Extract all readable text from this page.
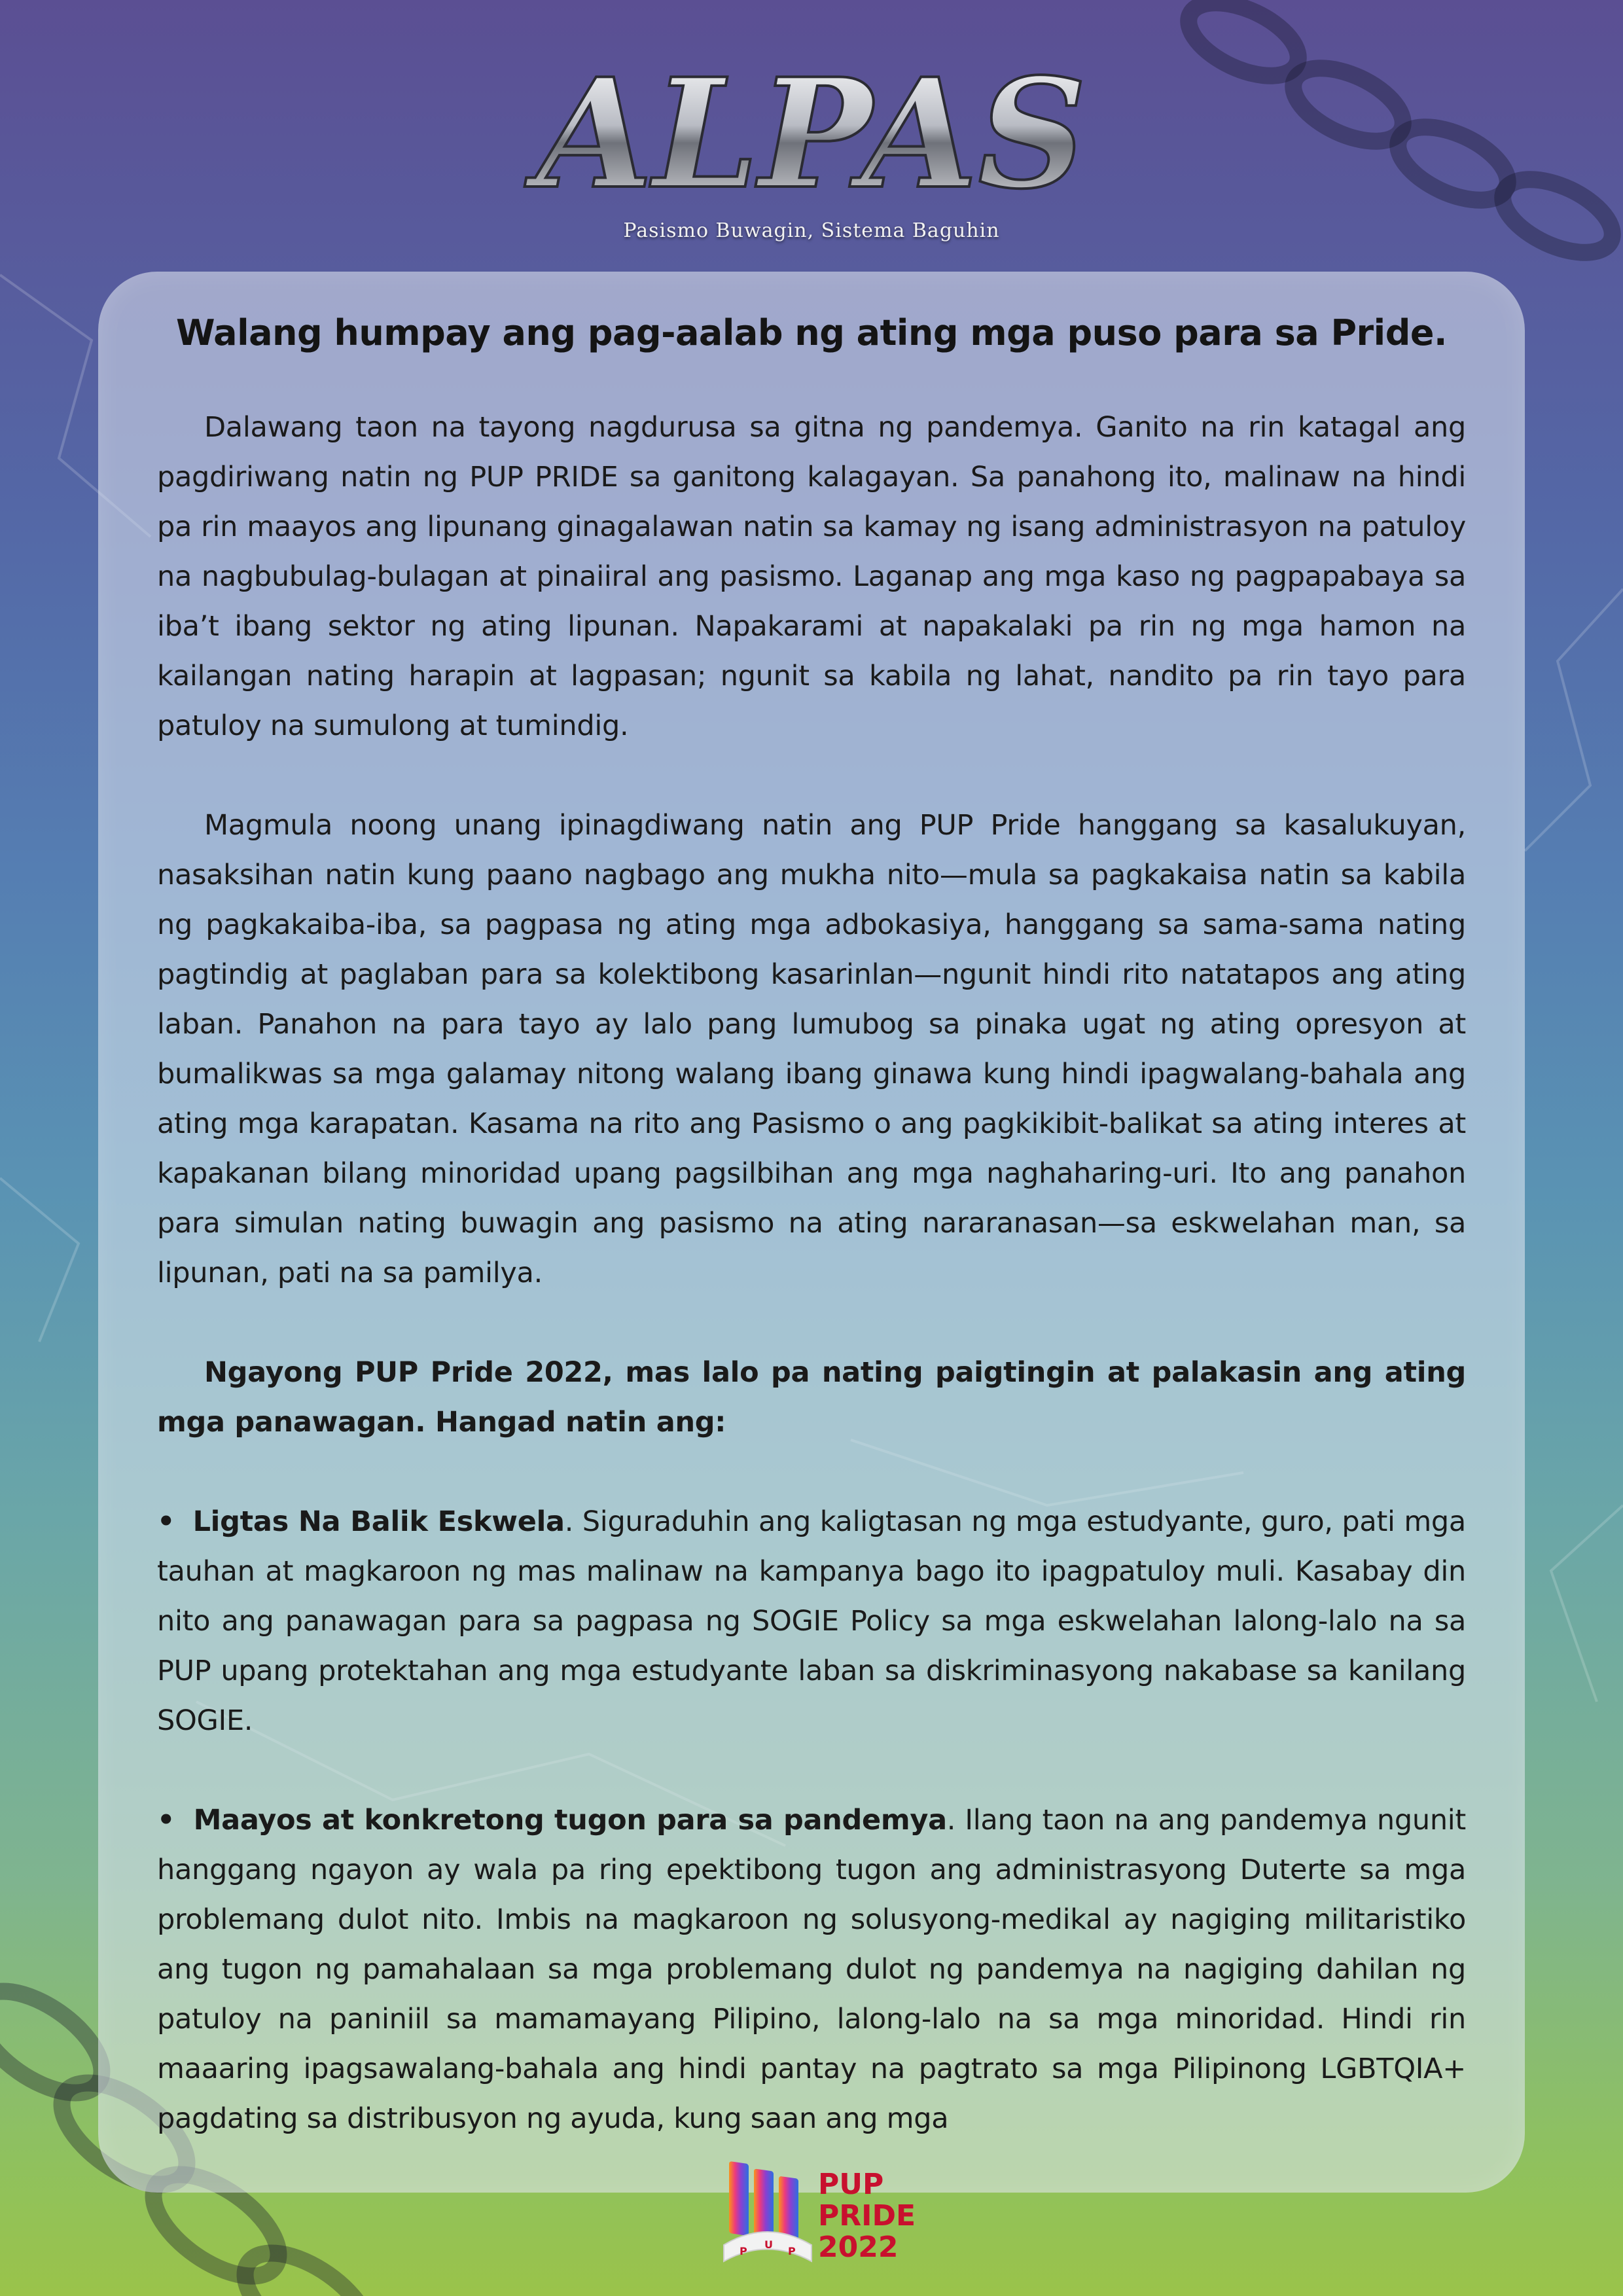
ALPAS
Pasismo Buwagin, Sistema Baguhin
Walang humpay ang pag-aalab ng ating mga puso para sa Pride.

Dalawang taon na tayong nagdurusa sa gitna ng pandemya. Ganito na rin katagal ang pagdiriwang natin ng PUP PRIDE sa ganitong kalagayan. Sa panahong ito, malinaw na hindi pa rin maayos ang lipunang ginagalawan natin sa kamay ng isang administrasyon na patuloy na nagbubulag-bulagan at pinaiiral ang pasismo. Laganap ang mga kaso ng pagpapabaya sa iba’t ibang sektor ng ating lipunan. Napakarami at napakalaki pa rin ng mga hamon na kailangan nating harapin at lagpasan; ngunit sa kabila ng lahat, nandito pa rin tayo para patuloy na sumulong at tumindig.

Magmula noong unang ipinagdiwang natin ang PUP Pride hanggang sa kasalukuyan, nasaksihan natin kung paano nagbago ang mukha nito—mula sa pagkakaisa natin sa kabila ng pagkakaiba-iba, sa pagpasa ng ating mga adbokasiya, hanggang sa sama-sama nating pagtindig at paglaban para sa kolektibong kasarinlan—ngunit hindi rito natatapos ang ating laban. Panahon na para tayo ay lalo pang lumubog sa pinaka ugat ng ating opresyon at bumalikwas sa mga galamay nitong walang ibang ginawa kung hindi ipagwalang-bahala ang ating mga karapatan. Kasama na rito ang Pasismo o ang pagkikibit-balikat sa ating interes at kapakanan bilang minoridad upang pagsilbihan ang mga naghaharing-uri. Ito ang panahon para simulan nating buwagin ang pasismo na ating nararanasan—sa eskwelahan man, sa lipunan, pati na sa pamilya.

Ngayong PUP Pride 2022, mas lalo pa nating paigtingin at palakasin ang ating mga panawagan. Hangad natin ang:

• Ligtas Na Balik Eskwela. Siguraduhin ang kaligtasan ng mga estudyante, guro, pati mga tauhan at magkaroon ng mas malinaw na kampanya bago ito ipagpatuloy muli. Kasabay din nito ang panawagan para sa pagpasa ng SOGIE Policy sa mga eskwelahan lalong-lalo na sa PUP upang protektahan ang mga estudyante laban sa diskriminasyong nakabase sa kanilang SOGIE.

• Maayos at konkretong tugon para sa pandemya. Ilang taon na ang pandemya ngunit hanggang ngayon ay wala pa ring epektibong tugon ang administrasyong Duterte sa mga problemang dulot nito. Imbis na magkaroon ng solusyong-medikal ay nagiging militaristiko ang tugon ng pamahalaan sa mga problemang dulot ng pandemya na nagiging dahilan ng patuloy na paniniil sa mamamayang Pilipino, lalong-lalo na sa mga minoridad. Hindi rin maaaring ipagsawalang-bahala ang hindi pantay na pagtrato sa mga Pilipinong LGBTQIA+ pagdating sa distribusyon ng ayuda, kung saan ang mga

P
U
P
PUP
PRIDE
2022
